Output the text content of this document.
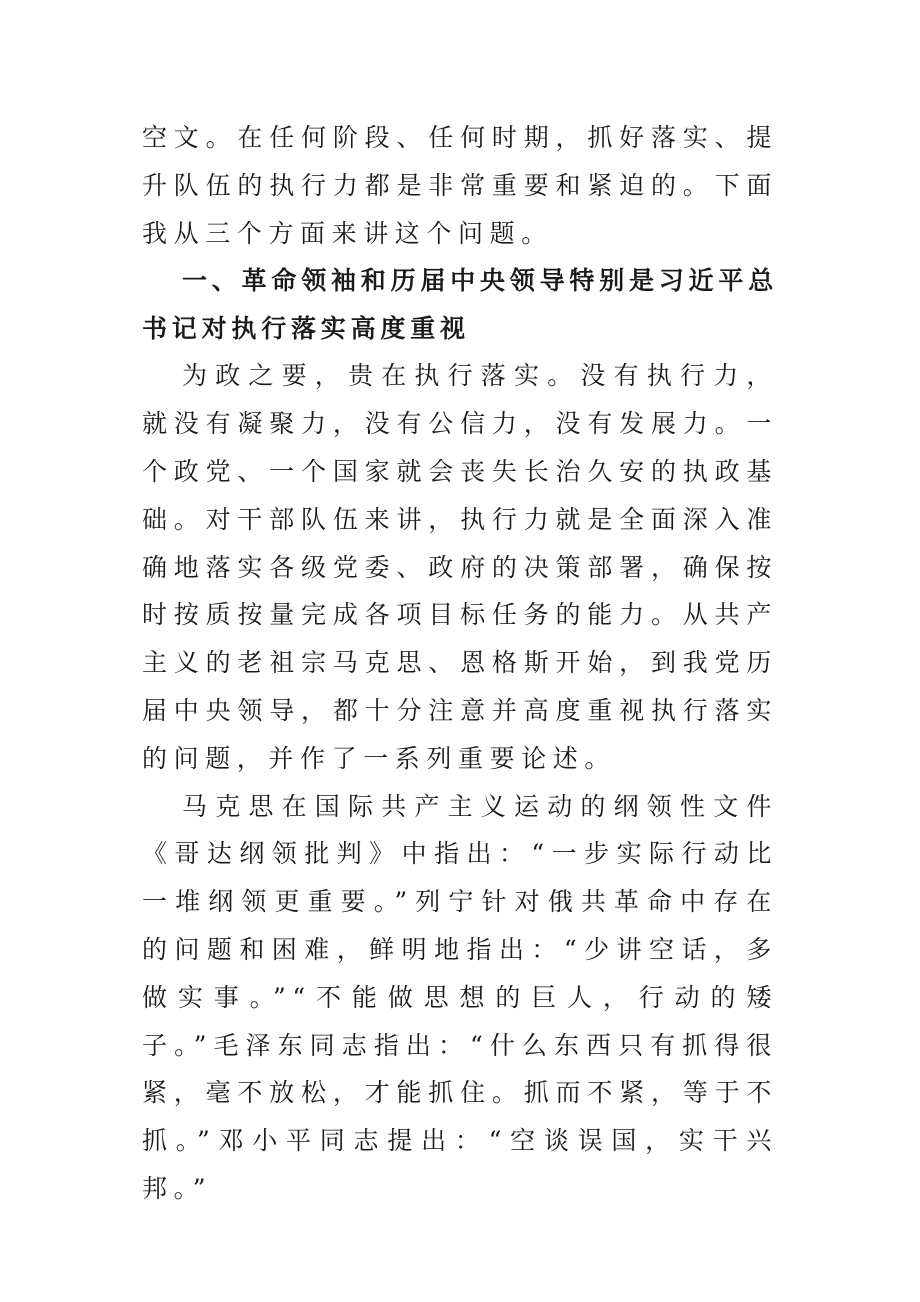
空文。在任何阶段、任何时期，抓好落实、提升队伍的执行力都是非常重要和紧迫的。下面我从三个方面来讲这个问题。

一、革命领袖和历届中央领导特别是习近平总书记对执行落实高度重视

为政之要，贵在执行落实。没有执行力，就没有凝聚力，没有公信力，没有发展力。一个政党、一个国家就会丧失长治久安的执政基础。对干部队伍来讲，执行力就是全面深入准确地落实各级党委、政府的决策部署，确保按时按质按量完成各项目标任务的能力。从共产主义的老祖宗马克思、恩格斯开始，到我党历届中央领导，都十分注意并高度重视执行落实的问题，并作了一系列重要论述。

马克思在国际共产主义运动的纲领性文件《哥达纲领批判》中指出：“一步实际行动比一堆纲领更重要。”列宁针对俄共革命中存在的问题和困难，鲜明地指出：“少讲空话，多做实事。”“不能做思想的巨人，行动的矮子。”毛泽东同志指出：“什么东西只有抓得很紧，毫不放松，才能抓住。抓而不紧，等于不抓。”邓小平同志提出：“空谈误国，实干兴邦。”
